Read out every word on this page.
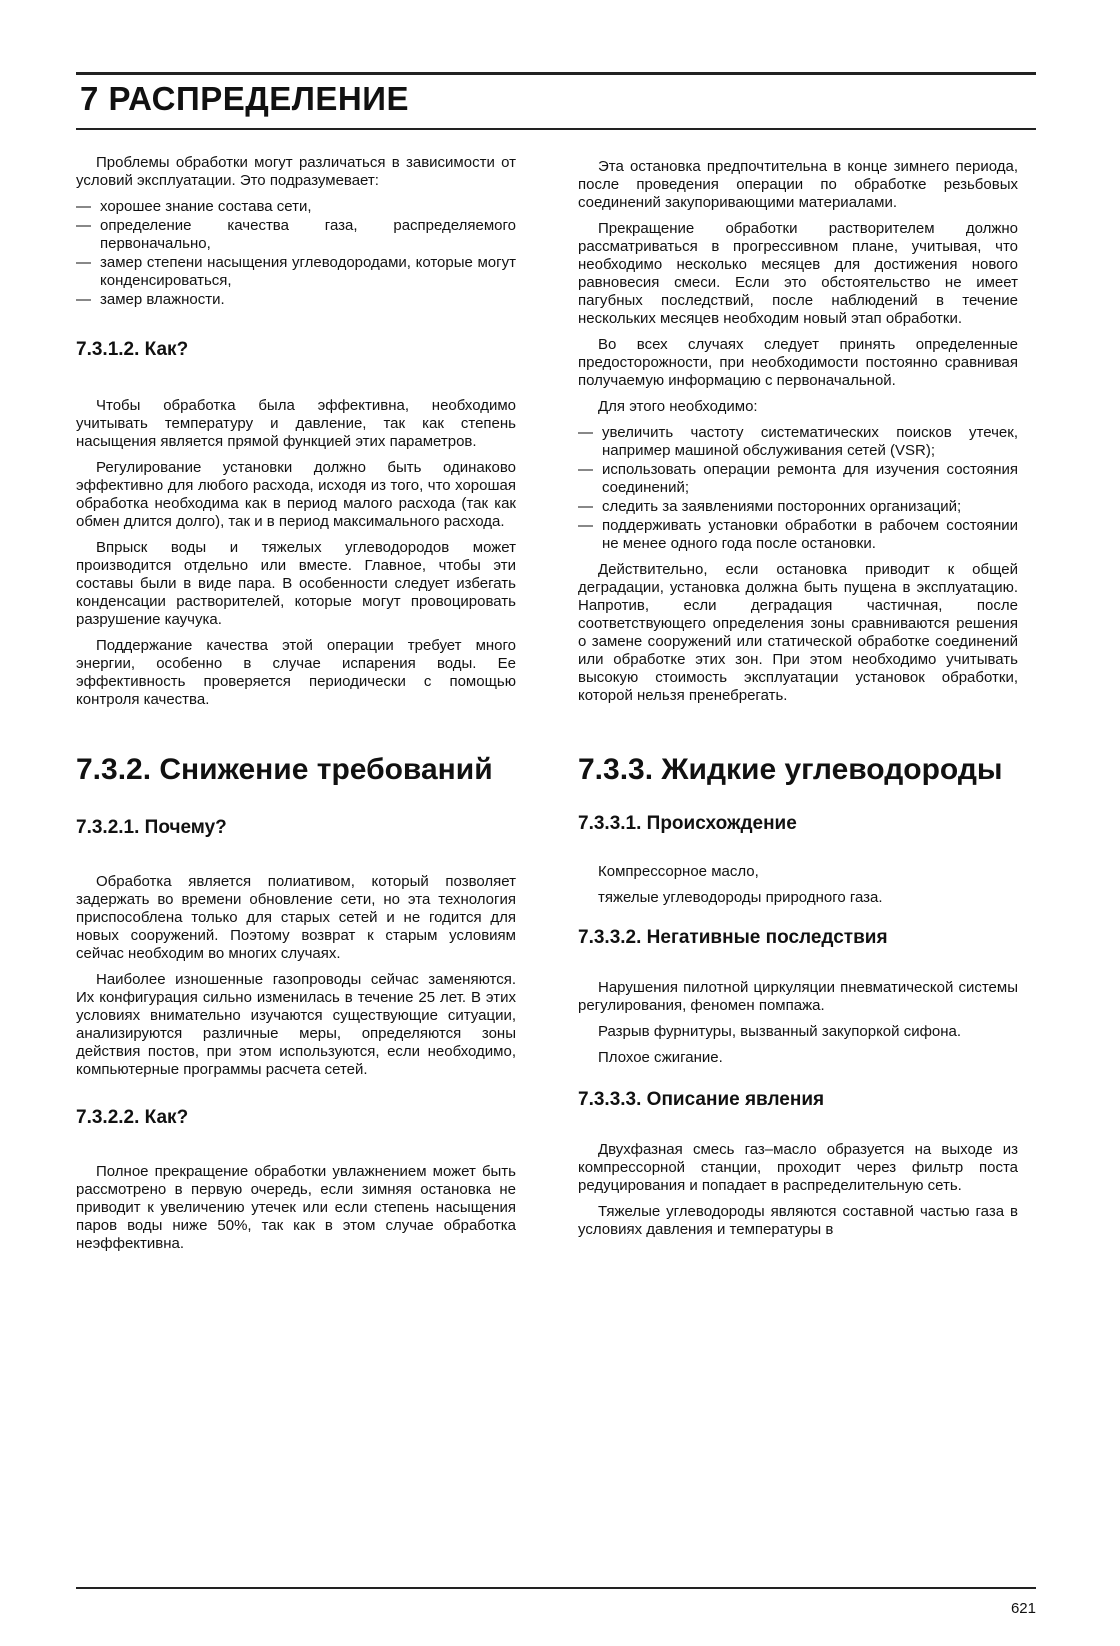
7 РАСПРЕДЕЛЕНИЕ

Проблемы обработки могут различаться в зависимости от условий эксплуатации. Это подразумевает:

— хорошее знание состава сети,
— определение качества газа, распределяемого первоначально,
— замер степени насыщения углеводородами, которые могут конденсироваться,
— замер влажности.
7.3.1.2. Как?

Чтобы обработка была эффективна, необходимо учитывать температуру и давление, так как степень насыщения является прямой функцией этих параметров.

Регулирование установки должно быть одинаково эффективно для любого расхода, исходя из того, что хорошая обработка необходима как в период малого расхода (так как обмен длится долго), так и в период максимального расхода.

Впрыск воды и тяжелых углеводородов может производится отдельно или вместе. Главное, чтобы эти составы были в виде пара. В особенности следует избегать конденсации растворителей, которые могут провоцировать разрушение каучука.

Поддержание качества этой операции требует много энергии, особенно в случае испарения воды. Ее эффективность проверяется периодически с помощью контроля качества.

7.3.2. Снижение требований
7.3.2.1. Почему?

Обработка является полиативом, который позволяет задержать во времени обновление сети, но эта технология приспособлена только для старых сетей и не годится для новых сооружений. Поэтому возврат к старым условиям сейчас необходим во многих случаях.

Наиболее изношенные газопроводы сейчас заменяются. Их конфигурация сильно изменилась в течение 25 лет. В этих условиях внимательно изучаются существующие ситуации, анализируются различные меры, определяются зоны действия постов, при этом используются, если необходимо, компьютерные программы расчета сетей.

7.3.2.2. Как?

Полное прекращение обработки увлажнением может быть рассмотрено в первую очередь, если зимняя остановка не приводит к увеличению утечек или если степень насыщения паров воды ниже 50%, так как в этом случае обработка неэффективна.

Эта остановка предпочтительна в конце зимнего периода, после проведения операции по обработке резьбовых соединений закупоривающими материалами.

Прекращение обработки растворителем должно рассматриваться в прогрессивном плане, учитывая, что необходимо несколько месяцев для достижения нового равновесия смеси. Если это обстоятельство не имеет пагубных последствий, после наблюдений в течение нескольких месяцев необходим новый этап обработки.

Во всех случаях следует принять определенные предосторожности, при необходимости постоянно сравнивая получаемую информацию с первоначальной.

Для этого необходимо:

— увеличить частоту систематических поисков утечек, например машиной обслуживания сетей (VSR);
— использовать операции ремонта для изучения состояния соединений;
— следить за заявлениями посторонних организаций;
— поддерживать установки обработки в рабочем состоянии не менее одного года после остановки.

Действительно, если остановка приводит к общей деградации, установка должна быть пущена в эксплуатацию. Напротив, если деградация частичная, после соответствующего определения зоны сравниваются решения о замене сооружений или статической обработке соединений или обработке этих зон. При этом необходимо учитывать высокую стоимость эксплуатации установок обработки, которой нельзя пренебрегать.

7.3.3. Жидкие углеводороды
7.3.3.1. Происхождение

Компрессорное масло,

тяжелые углеводороды природного газа.

7.3.3.2. Негативные последствия

Нарушения пилотной циркуляции пневматической системы регулирования, феномен помпажа.

Разрыв фурнитуры, вызванный закупоркой сифона.

Плохое сжигание.

7.3.3.3. Описание явления

Двухфазная смесь газ–масло образуется на выходе из компрессорной станции, проходит через фильтр поста редуцирования и попадает в распределительную сеть.

Тяжелые углеводороды являются составной частью газа в условиях давления и температуры в

621
